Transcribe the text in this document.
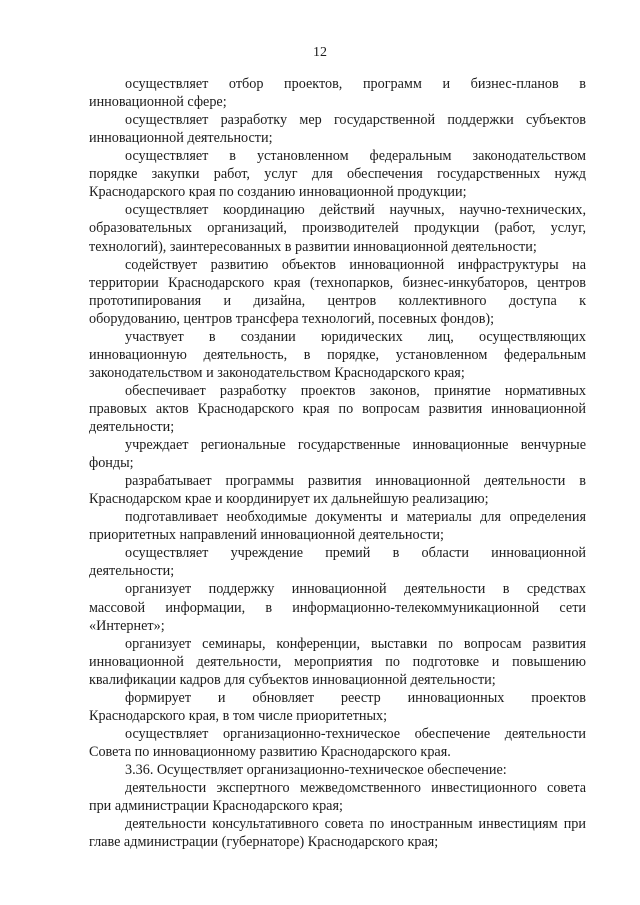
12
осуществляет отбор проектов, программ и бизнес-планов в
инновационной сфере;
осуществляет разработку мер государственной поддержки субъектов
инновационной деятельности;
осуществляет в установленном федеральным законодательством
порядке закупки работ, услуг для обеспечения государственных нужд
Краснодарского края по созданию инновационной продукции;
осуществляет координацию действий научных, научно-технических,
образовательных организаций, производителей продукции (работ, услуг,
технологий), заинтересованных в развитии инновационной деятельности;
содействует развитию объектов инновационной инфраструктуры на
территории Краснодарского края (технопарков, бизнес-инкубаторов, центров
прототипирования и дизайна, центров коллективного доступа к
оборудованию, центров трансфера технологий, посевных фондов);
участвует в создании юридических лиц, осуществляющих
инновационную деятельность, в порядке, установленном федеральным
законодательством и законодательством Краснодарского края;
обеспечивает разработку проектов законов, принятие нормативных
правовых актов Краснодарского края по вопросам развития инновационной
деятельности;
учреждает региональные государственные инновационные венчурные
фонды;
разрабатывает программы развития инновационной деятельности в
Краснодарском крае и координирует их дальнейшую реализацию;
подготавливает необходимые документы и материалы для определения
приоритетных направлений инновационной деятельности;
осуществляет учреждение премий в области инновационной
деятельности;
организует поддержку инновационной деятельности в средствах
массовой информации, в информационно-телекоммуникационной сети
«Интернет»;
организует семинары, конференции, выставки по вопросам развития
инновационной деятельности, мероприятия по подготовке и повышению
квалификации кадров для субъектов инновационной деятельности;
формирует и обновляет реестр инновационных проектов
Краснодарского края, в том числе приоритетных;
осуществляет организационно-техническое обеспечение деятельности
Совета по инновационному развитию Краснодарского края.
3.36. Осуществляет организационно-техническое обеспечение:
деятельности экспертного межведомственного инвестиционного совета
при администрации Краснодарского края;
деятельности консультативного совета по иностранным инвестициям при
главе администрации (губернаторе) Краснодарского края;
